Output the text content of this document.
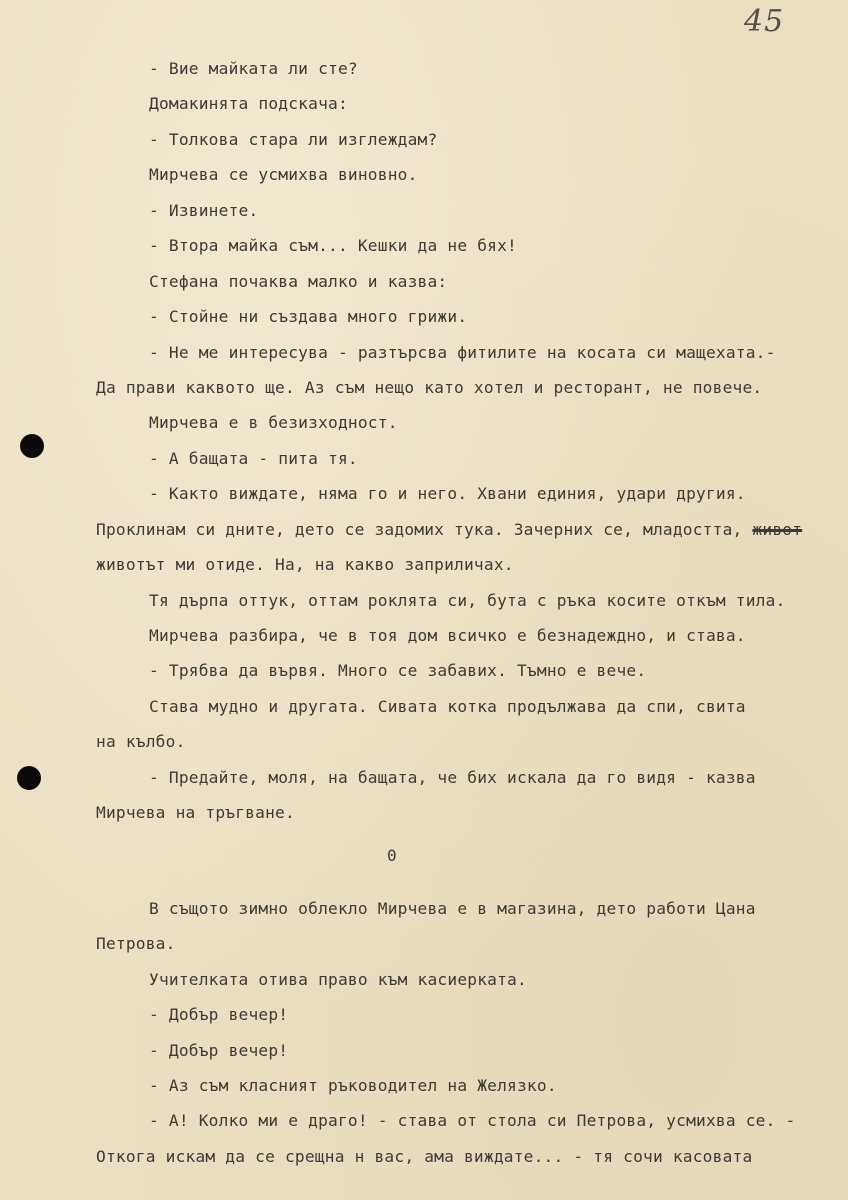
45
- Вие майката ли сте?
Домакинята подскача:
- Толкова стара ли изглеждам?
Мирчева се усмихва виновно.
- Извинете.
- Втора майка съм... Кешки да не бях!
Стефана почаква малко и казва:
- Стойне ни създава много грижи.
- Не ме интересува - разтърсва фитилите на косата си мащехата.-
Да прави каквото ще. Аз съм нещо като хотел и ресторант, не повече.
Мирчева е в безизходност.
- А бащата - пита тя.
- Както виждате, няма го и него. Хвани единия, удари другия.
Проклинам си дните, дето се задомих тука. Зачерних се, младостта, живот
животът ми отиде. На, на какво заприличах.
Тя дърпа оттук, оттам роклята си, бута с ръка косите откъм тила.
Мирчева разбира, че в тоя дом всичко е безнадеждно, и става.
- Трябва да вървя. Много се забавих. Тъмно е вече.
Става мудно и другата. Сивата котка продължава да спи, свита
на кълбо.
- Предайте, моля, на бащата, че бих искала да го видя - казва
Мирчева на тръгване.
0
В същото зимно облекло Мирчева е в магазина, дето работи Цана
Петрова.
Учителката отива право към касиерката.
- Добър вечер!
- Добър вечер!
- Аз съм класният ръководител на Желязко.
- А! Колко ми е драго! - става от стола си Петрова, усмихва се. -
Откога искам да се срещна н вас, ама виждате... - тя сочи касовата
